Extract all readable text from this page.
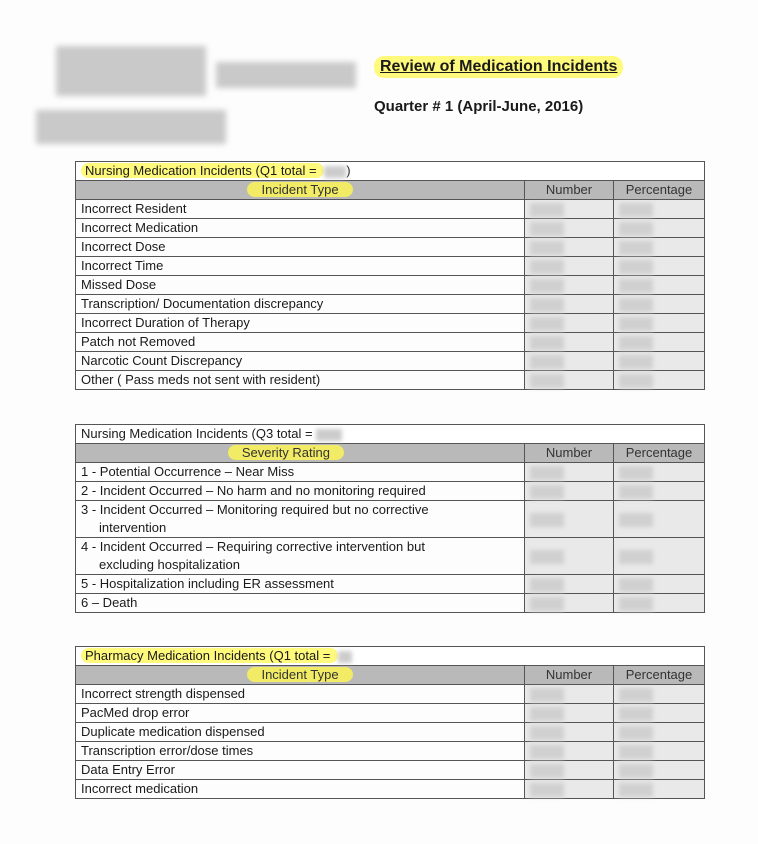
Review of Medication Incidents
Quarter # 1 (April-June, 2016)
Nursing Medication Incidents (Q1 total = )		
Incident Type	Number	Percentage
Incorrect Resident		
Incorrect Medication		
Incorrect Dose		
Incorrect Time		
Missed Dose		
Transcription/ Documentation discrepancy		
Incorrect Duration of Therapy		
Patch not Removed		
Narcotic Count Discrepancy		
Other ( Pass meds not sent with resident)		
Nursing Medication Incidents (Q3 total =		
Severity Rating	Number	Percentage
1 - Potential Occurrence – Near Miss		
2 - Incident Occurred – No harm and no monitoring required		
3 - Incident Occurred – Monitoring required but no corrective
intervention		

4 - Incident Occurred – Requiring corrective intervention but
excluding hospitalization		

5 - Hospitalization including ER assessment		
6 – Death		
Pharmacy Medication Incidents (Q1 total =		
Incident Type	Number	Percentage
Incorrect strength dispensed		
PacMed drop error		
Duplicate medication dispensed		
Transcription error/dose times		
Data Entry Error		
Incorrect medication		
